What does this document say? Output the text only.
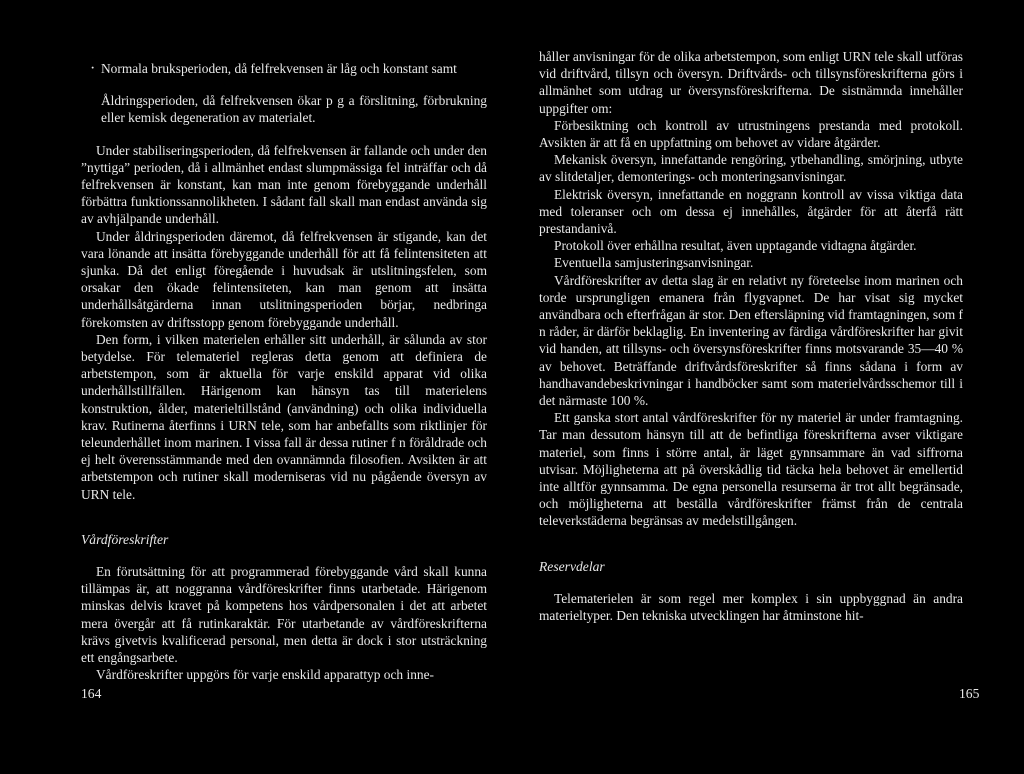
· Normala bruksperioden, då felfrekvensen är låg och konstant samt

Åldringsperioden, då felfrekvensen ökar p g a förslitning, förbrukning eller kemisk degeneration av materialet.

Under stabiliseringsperioden, då felfrekvensen är fallande och under den ”nyttiga” perioden, då i allmänhet endast slumpmässiga fel inträffar och då felfrekvensen är konstant, kan man inte genom förebyggande underhåll förbättra funktionssannolikheten. I sådant fall skall man endast använda sig av avhjälpande underhåll.

Under åldringsperioden däremot, då felfrekvensen är stigande, kan det vara lönande att insätta förebyggande underhåll för att få felintensiteten att sjunka. Då det enligt föregående i huvudsak är utslitningsfelen, som orsakar den ökade felintensiteten, kan man genom att insätta underhållsåtgärderna innan utslitningsperioden börjar, nedbringa förekomsten av driftsstopp genom förebyggande underhåll.

Den form, i vilken materielen erhåller sitt underhåll, är sålunda av stor betydelse. För telemateriel regleras detta genom att definiera de arbetstempon, som är aktuella för varje enskild apparat vid olika underhållstillfällen. Härigenom kan hänsyn tas till materielens konstruktion, ålder, materieltillstånd (användning) och olika individuella krav. Rutinerna återfinns i URN tele, som har anbefallts som riktlinjer för teleunderhållet inom marinen. I vissa fall är dessa rutiner f n föråldrade och ej helt överensstämmande med den ovannämnda filosofien. Avsikten är att arbetstempon och rutiner skall moderniseras vid nu pågående översyn av URN tele.

Vårdföreskrifter

En förutsättning för att programmerad förebyggande vård skall kunna tillämpas är, att noggranna vårdföreskrifter finns utarbetade. Härigenom minskas delvis kravet på kompetens hos vårdpersonalen i det att arbetet mera övergår att få rutinkaraktär. För utarbetande av vårdföreskrifterna krävs givetvis kvalificerad personal, men detta är dock i stor utsträckning ett engångsarbete.

Vårdföreskrifter uppgörs för varje enskild apparattyp och inne-

164

håller anvisningar för de olika arbetstempon, som enligt URN tele skall utföras vid driftvård, tillsyn och översyn. Driftvårds- och tillsynsföreskrifterna görs i allmänhet som utdrag ur översynsföreskrifterna. De sistnämnda innehåller uppgifter om:

Förbesiktning och kontroll av utrustningens prestanda med protokoll. Avsikten är att få en uppfattning om behovet av vidare åtgärder.

Mekanisk översyn, innefattande rengöring, ytbehandling, smörjning, utbyte av slitdetaljer, demonterings- och monteringsanvisningar.

Elektrisk översyn, innefattande en noggrann kontroll av vissa viktiga data med toleranser och om dessa ej innehålles, åtgärder för att återfå rätt prestandanivå.

Protokoll över erhållna resultat, även upptagande vidtagna åtgärder.

Eventuella samjusteringsanvisningar.

Vårdföreskrifter av detta slag är en relativt ny företeelse inom marinen och torde ursprungligen emanera från flygvapnet. De har visat sig mycket användbara och efterfrågan är stor. Den eftersläpning vid framtagningen, som f n råder, är därför beklaglig. En inventering av färdiga vårdföreskrifter har givit vid handen, att tillsyns- och översynsföreskrifter finns motsvarande 35—40 % av behovet. Beträffande driftvårdsföreskrifter så finns sådana i form av handhavandebeskrivningar i handböcker samt som materielvårdsschemor till i det närmaste 100 %.

Ett ganska stort antal vårdföreskrifter för ny materiel är under framtagning. Tar man dessutom hänsyn till att de befintliga föreskrifterna avser viktigare materiel, som finns i större antal, är läget gynnsammare än vad siffrorna utvisar. Möjligheterna att på överskådlig tid täcka hela behovet är emellertid inte alltför gynnsamma. De egna personella resurserna är trot allt begränsade, och möjligheterna att beställa vårdföreskrifter främst från de centrala televerkstäderna begränsas av medelstillgången.

Reservdelar

Telematerielen är som regel mer komplex i sin uppbyggnad än andra materieltyper. Den tekniska utvecklingen har åtminstone hit-

165
